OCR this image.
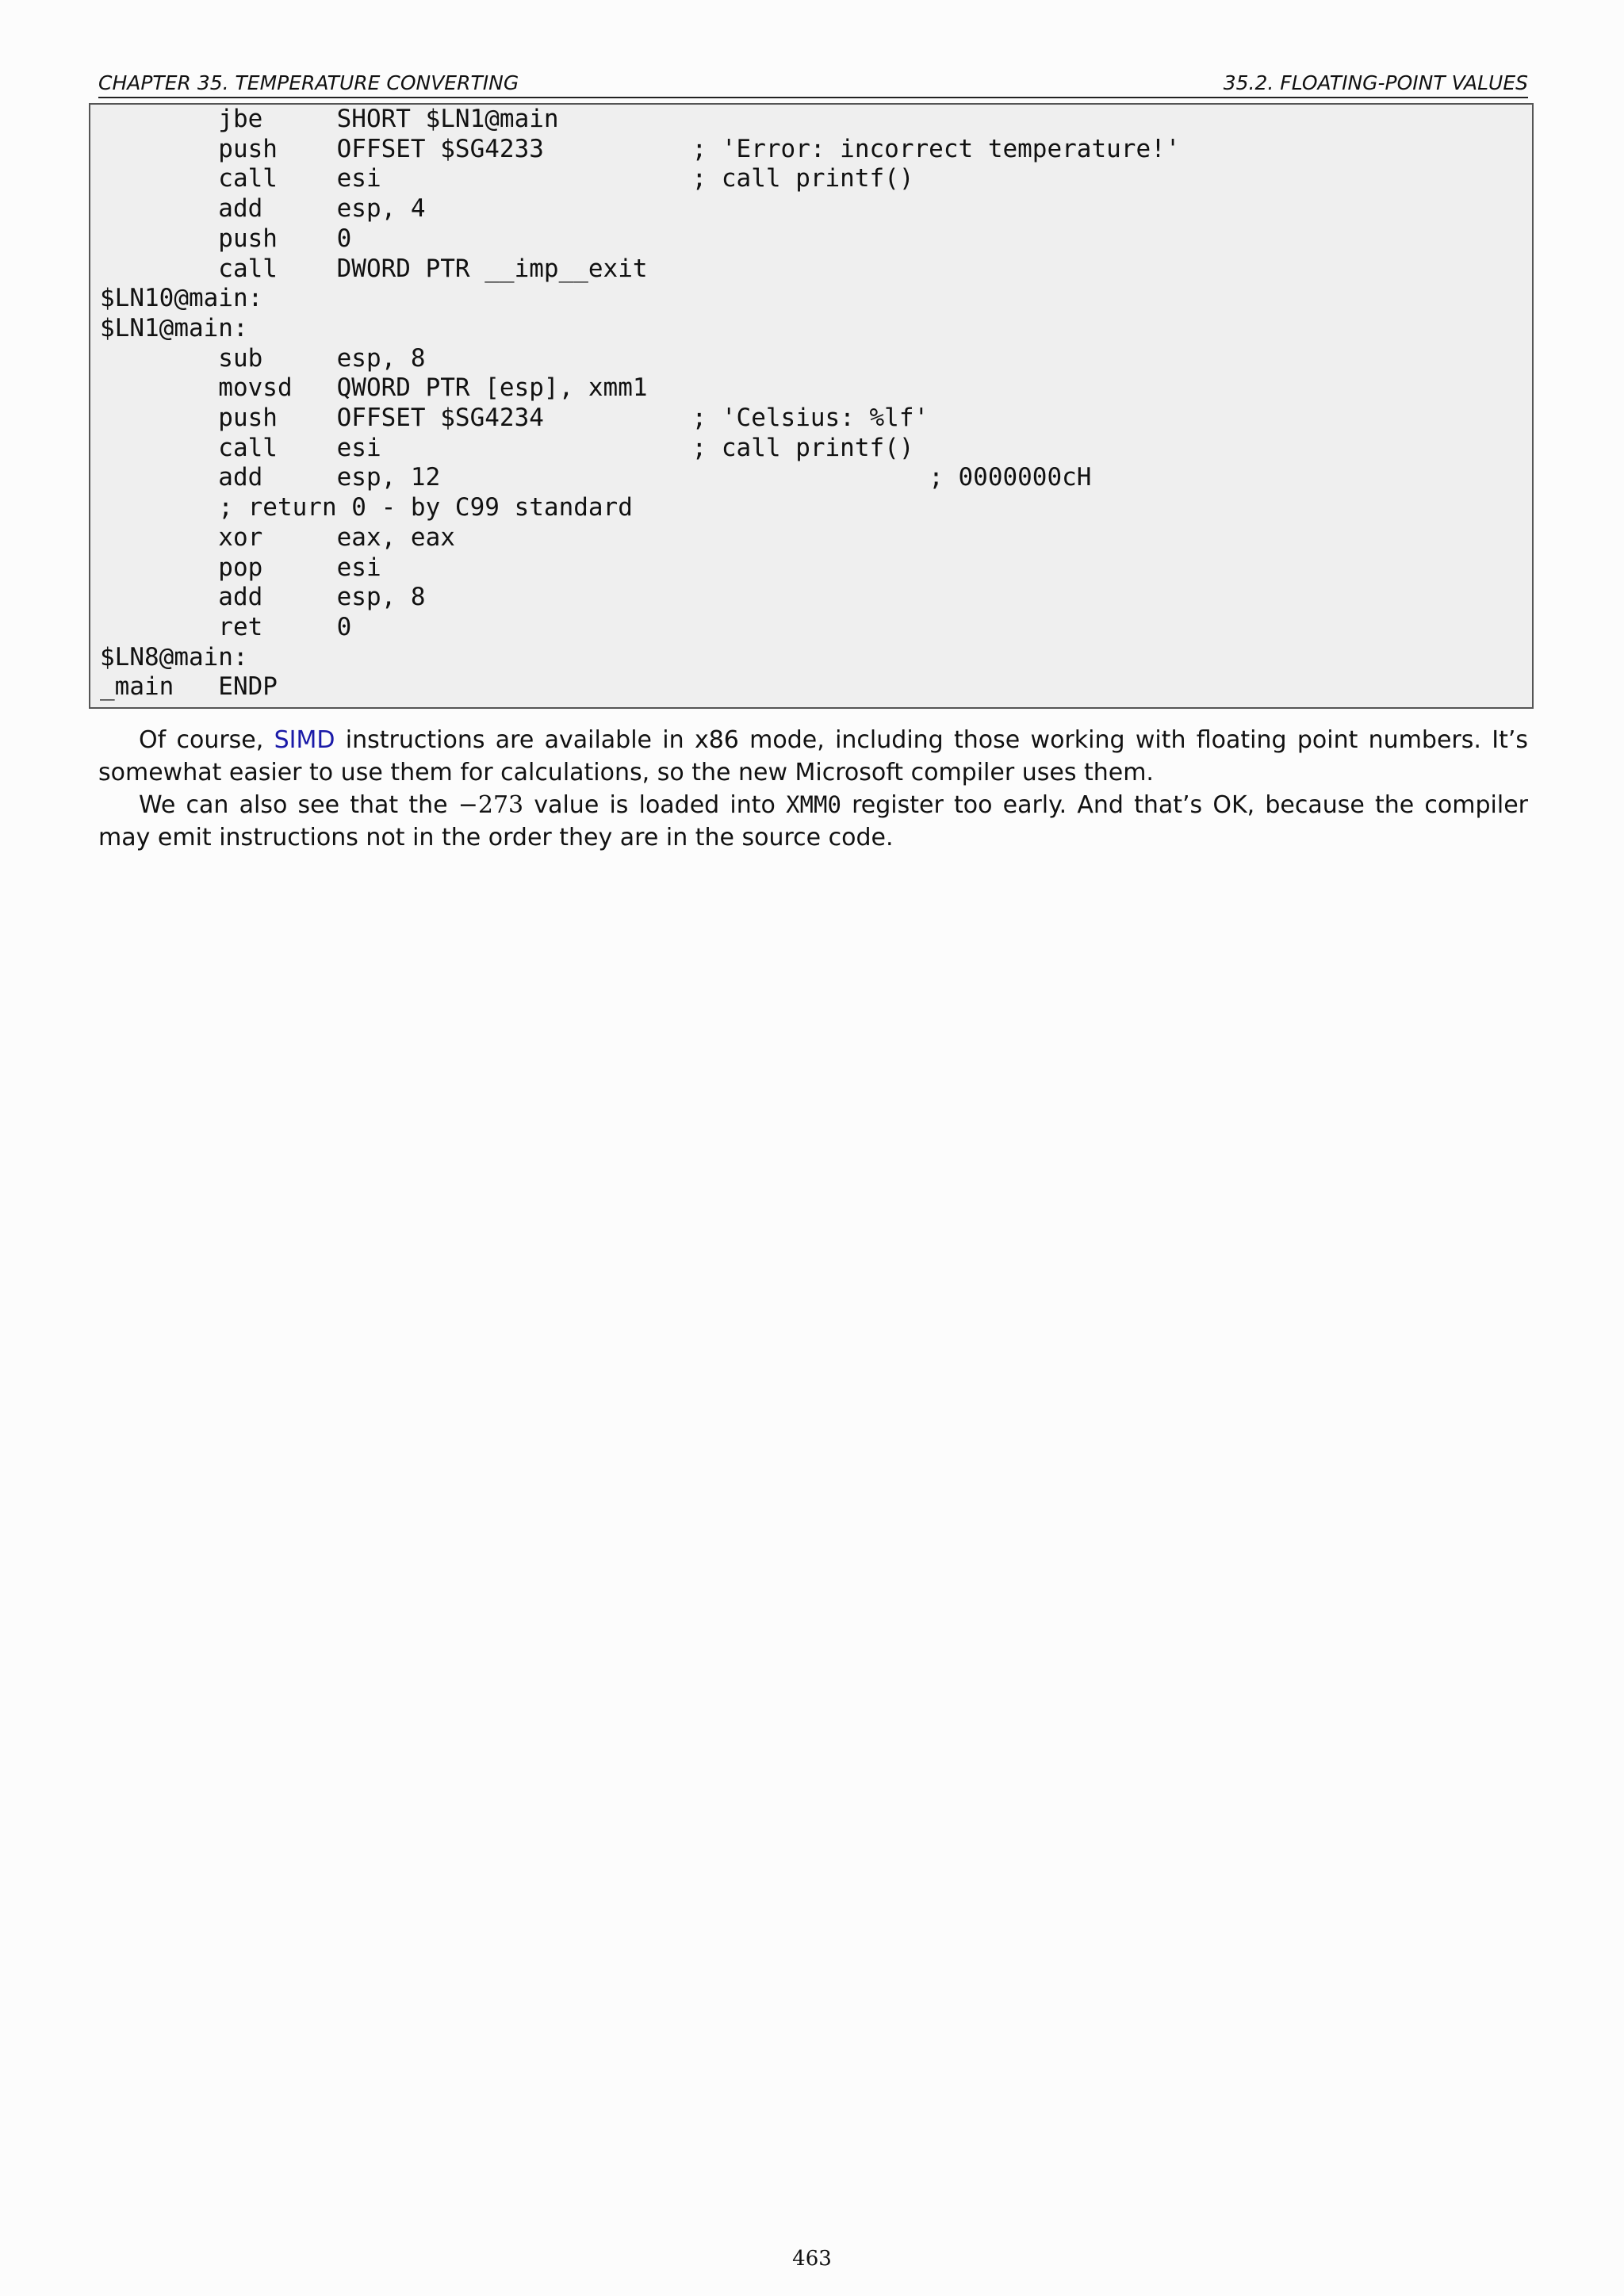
CHAPTER 35. TEMPERATURE CONVERTING	35.2. FLOATING-POINT VALUES
jbe     SHORT $LN1@main
push    OFFSET $SG4233          ; 'Error: incorrect temperature!'
call    esi                     ; call printf()
add     esp, 4
push    0
call    DWORD PTR __imp__exit
$LN10@main:
$LN1@main:
sub     esp, 8
movsd   QWORD PTR [esp], xmm1
push    OFFSET $SG4234          ; 'Celsius: %lf'
call    esi                     ; call printf()
add     esp, 12                                 ; 0000000cH
; return 0 - by C99 standard
xor     eax, eax
pop     esi
add     esp, 8
ret     0
$LN8@main:
_main   ENDP

Of course, SIMD instructions are available in x86 mode, including those working with floating point numbers. It’s somewhat easier to use them for calculations, so the new Microsoft compiler uses them.

We can also see that the −273 value is loaded into XMM0 register too early. And that’s OK, because the compiler may emit instructions not in the order they are in the source code.

463
